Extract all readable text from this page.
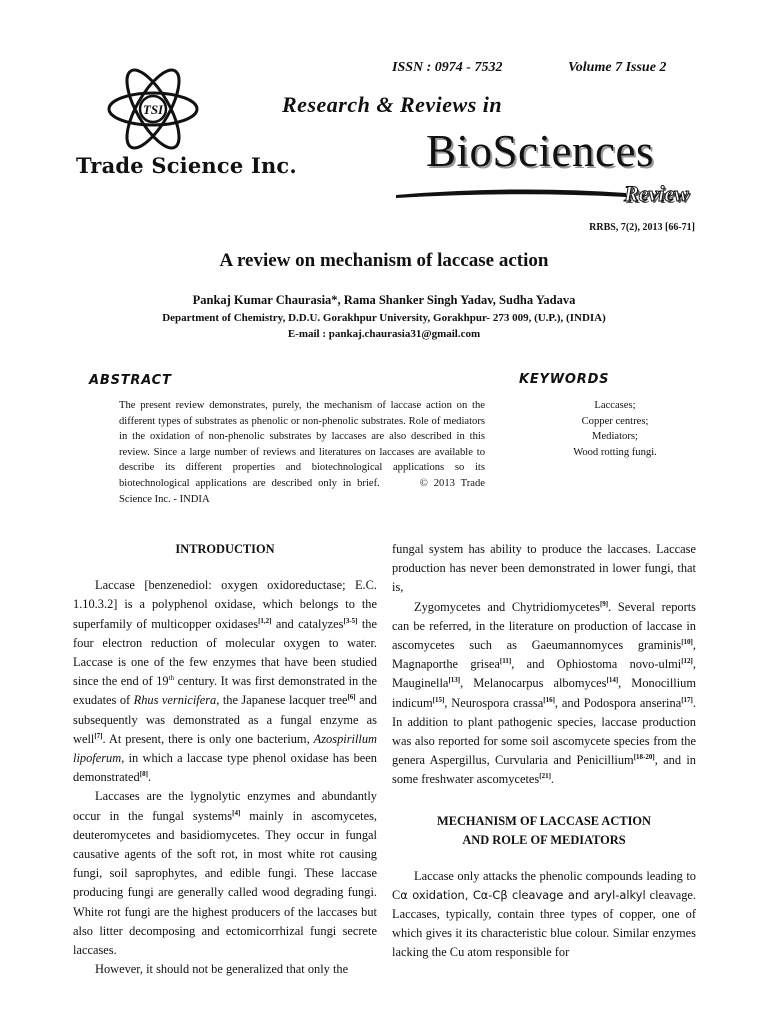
ISSN : 0974 - 7532	Volume 7 Issue 2
TSI
Trade Science Inc.
Research & Reviews in
BioSciences
Review
RRBS, 7(2), 2013 [66-71]
A review on mechanism of laccase action
Pankaj Kumar Chaurasia*, Rama Shanker Singh Yadav, Sudha Yadava
Department of Chemistry, D.D.U. Gorakhpur University, Gorakhpur- 273 009, (U.P.), (INDIA)
E-mail : pankaj.chaurasia31@gmail.com
ABSTRACT	KEYWORDS
The present review demonstrates, purely, the mechanism of laccase action on the different types of substrates as phenolic or non-phenolic substrates. Role of mediators in the oxidation of non-phenolic substrates by laccases are also described in this review. Since a large number of reviews and literatures on laccases are available to describe its different properties and biotechnological applications so its biotechnological applications are described only in brief.	© 2013 Trade Science Inc. - INDIA
Laccases;
Copper centres;
Mediators;
Wood rotting fungi.

INTRODUCTION

Laccase [benzenediol: oxygen oxidoreductase; E.C. 1.10.3.2] is a polyphenol oxidase, which belongs to the superfamily of multicopper oxidases[1,2] and catalyzes[3-5] the four electron reduction of molecular oxygen to water. Laccase is one of the few enzymes that have been studied since the end of 19th century. It was first demonstrated in the exudates of Rhus vernicifera, the Japanese lacquer tree[6] and subsequently was demonstrated as a fungal enzyme as well[7]. At present, there is only one bacterium, Azospirillum lipoferum, in which a laccase type phenol oxidase has been demonstrated[8].

Laccases are the lygnolytic enzymes and abundantly occur in the fungal systems[4] mainly in ascomycetes, deuteromycetes and basidiomycetes. They occur in fungal causative agents of the soft rot, in most white rot causing fungi, soil saprophytes, and edible fungi. These laccase producing fungi are generally called wood degrading fungi. White rot fungi are the highest producers of the laccases but also litter decomposing and ectomicorrhizal fungi secrete laccases.

However, it should not be generalized that only the

fungal system has ability to produce the laccases. Laccase production has never been demonstrated in lower fungi, that is,

Zygomycetes and Chytridiomycetes[9]. Several reports can be referred, in the literature on production of laccase in ascomycetes such as Gaeumannomyces graminis[10], Magnaporthe grisea[11], and Ophiostoma novo-ulmi[12], Mauginella[13], Melanocarpus albomyces[14], Monocillium indicum[15], Neurospora crassa[16], and Podospora anserina[17]. In addition to plant pathogenic species, laccase production was also reported for some soil ascomycete species from the genera Aspergillus, Curvularia and Penicillium[18-20], and in some freshwater ascomycetes[21].

MECHANISM OF LACCASE ACTION
AND ROLE OF MEDIATORS

Laccase only attacks the phenolic compounds leading to Cα oxidation, Cα-Cβ cleavage and aryl-alkyl cleavage. Laccases, typically, contain three types of copper, one of which gives it its characteristic blue colour. Similar enzymes lacking the Cu atom responsible for
